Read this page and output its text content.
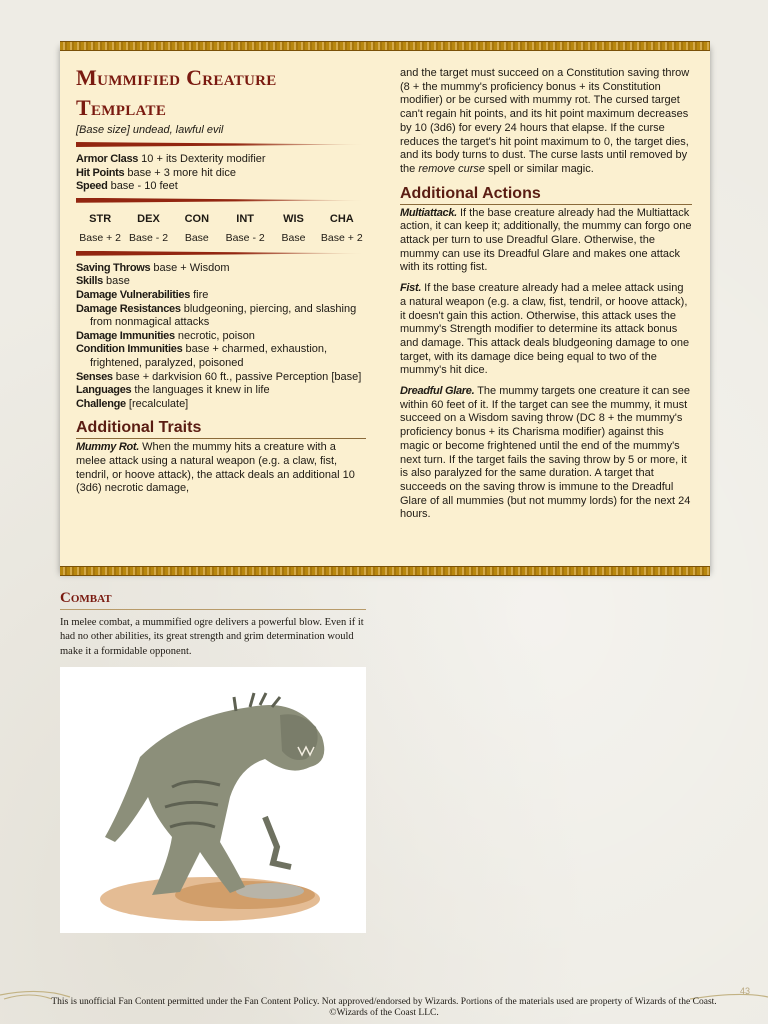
Mummified Creature
Template
[Base size] undead, lawful evil
Armor Class 10 + its Dexterity modifier
Hit Points base + 3 more hit dice
Speed base - 10 feet
STR
Base + 2
DEX
Base - 2
CON
Base
INT
Base - 2
WIS
Base
CHA
Base + 2
Saving Throws base + Wisdom
Skills base
Damage Vulnerabilities fire
Damage Resistances bludgeoning, piercing, and slashing from nonmagical attacks
Damage Immunities necrotic, poison
Condition Immunities base + charmed, exhaustion, frightened, paralyzed, poisoned
Senses base + darkvision 60 ft., passive Perception [base]
Languages the languages it knew in life
Challenge [recalculate]
Additional Traits

Mummy Rot. When the mummy hits a creature with a melee attack using a natural weapon (e.g. a claw, fist, tendril, or hoove attack), the attack deals an additional 10 (3d6) necrotic damage,

and the target must succeed on a Constitution saving throw (8 + the mummy's proficiency bonus + its Constitution modifier) or be cursed with mummy rot. The cursed target can't regain hit points, and its hit point maximum decreases by 10 (3d6) for every 24 hours that elapse. If the curse reduces the target's hit point maximum to 0, the target dies, and its body turns to dust. The curse lasts until removed by the remove curse spell or similar magic.

Additional Actions

Multiattack. If the base creature already had the Multiattack action, it can keep it; additionally, the mummy can forgo one attack per turn to use Dreadful Glare. Otherwise, the mummy can use its Dreadful Glare and makes one attack with its rotting fist.

Fist. If the base creature already had a melee attack using a natural weapon (e.g. a claw, fist, tendril, or hoove attack), it doesn't gain this action. Otherwise, this attack uses the mummy's Strength modifier to determine its attack bonus and damage. This attack deals bludgeoning damage to one target, with its damage dice being equal to two of the mummy's hit dice.

Dreadful Glare. The mummy targets one creature it can see within 60 feet of it. If the target can see the mummy, it must succeed on a Wisdom saving throw (DC 8 + the mummy's proficiency bonus + its Charisma modifier) against this magic or become frightened until the end of the mummy's next turn. If the target fails the saving throw by 5 or more, it is also paralyzed for the same duration. A target that succeeds on the saving throw is immune to the Dreadful Glare of all mummies (but not mummy lords) for the next 24 hours.

Combat

In melee combat, a mummified ogre delivers a powerful blow. Even if it had no other abilities, its great strength and grim determination would make it a formidable opponent.

43
This is unofficial Fan Content permitted under the Fan Content Policy. Not approved/endorsed by Wizards. Portions of the materials used are property of Wizards of the Coast. ©Wizards of the Coast LLC.
